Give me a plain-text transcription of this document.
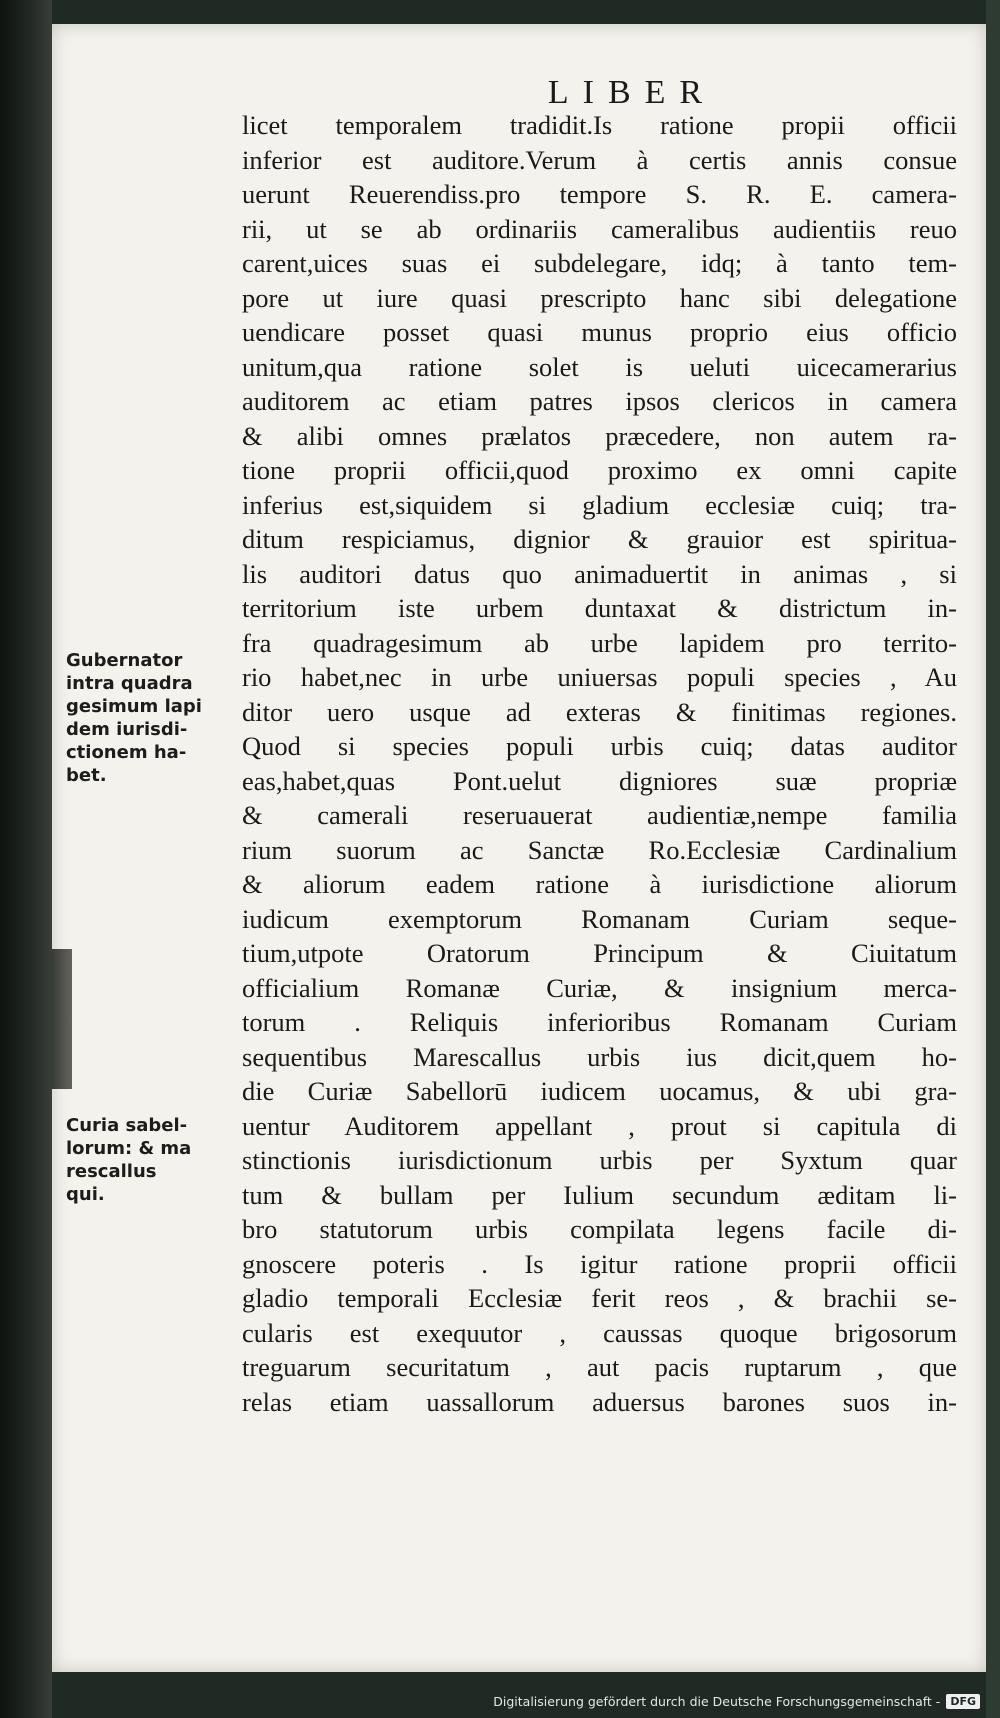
LIBER
Gubernator
intra quadra
gesimum lapi
dem iurisdi-
ctionem ha-
bet.
Curia sabel-
lorum: & ma
rescallus
qui.
licet temporalem tradidit.Is ratione propii officii
inferior est auditore.Verum à certis annis consue
uerunt Reuerendiss.pro tempore S. R. E. camera-
rii, ut se ab ordinariis cameralibus audientiis reuo
carent,uices suas ei subdelegare, idq; à tanto tem-
pore ut iure quasi prescripto hanc sibi delegatione
uendicare posset quasi munus proprio eius officio
unitum,qua ratione solet is ueluti uicecamerarius
auditorem ac etiam patres ipsos clericos in camera
& alibi omnes prælatos præcedere, non autem ra-
tione proprii officii,quod proximo ex omni capite
inferius est,siquidem si gladium ecclesiæ cuiq; tra-
ditum respiciamus, dignior & grauior est spiritua-
lis auditori datus quo animaduertit in animas , si
territorium iste urbem duntaxat & districtum in-
fra quadragesimum ab urbe lapidem pro territo-
rio habet,nec in urbe uniuersas populi species , Au
ditor uero usque ad exteras & finitimas regiones.
Quod si species populi urbis cuiq; datas auditor
eas,habet,quas Pont.uelut digniores suæ propriæ
& camerali reseruauerat audientiæ,nempe familia
rium suorum ac Sanctæ Ro.Ecclesiæ Cardinalium
& aliorum eadem ratione à iurisdictione aliorum
iudicum exemptorum Romanam Curiam seque-
tium,utpote Oratorum Principum & Ciuitatum
officialium Romanæ Curiæ, & insignium merca-
torum . Reliquis inferioribus Romanam Curiam
sequentibus Marescallus urbis ius dicit,quem ho-
die Curiæ Sabellorū iudicem uocamus, & ubi gra-
uentur Auditorem appellant , prout si capitula di
stinctionis iurisdictionum urbis per Syxtum quar
tum & bullam per Iulium secundum æditam li-
bro statutorum urbis compilata legens facile di-
gnoscere poteris . Is igitur ratione proprii officii
gladio temporali Ecclesiæ ferit reos , & brachii se-
cularis est exequutor , caussas quoque brigosorum
treguarum securitatum , aut pacis ruptarum , que
relas etiam uassallorum aduersus barones suos in-
Digitalisierung gefördert durch die Deutsche Forschungsgemeinschaft - DFG
